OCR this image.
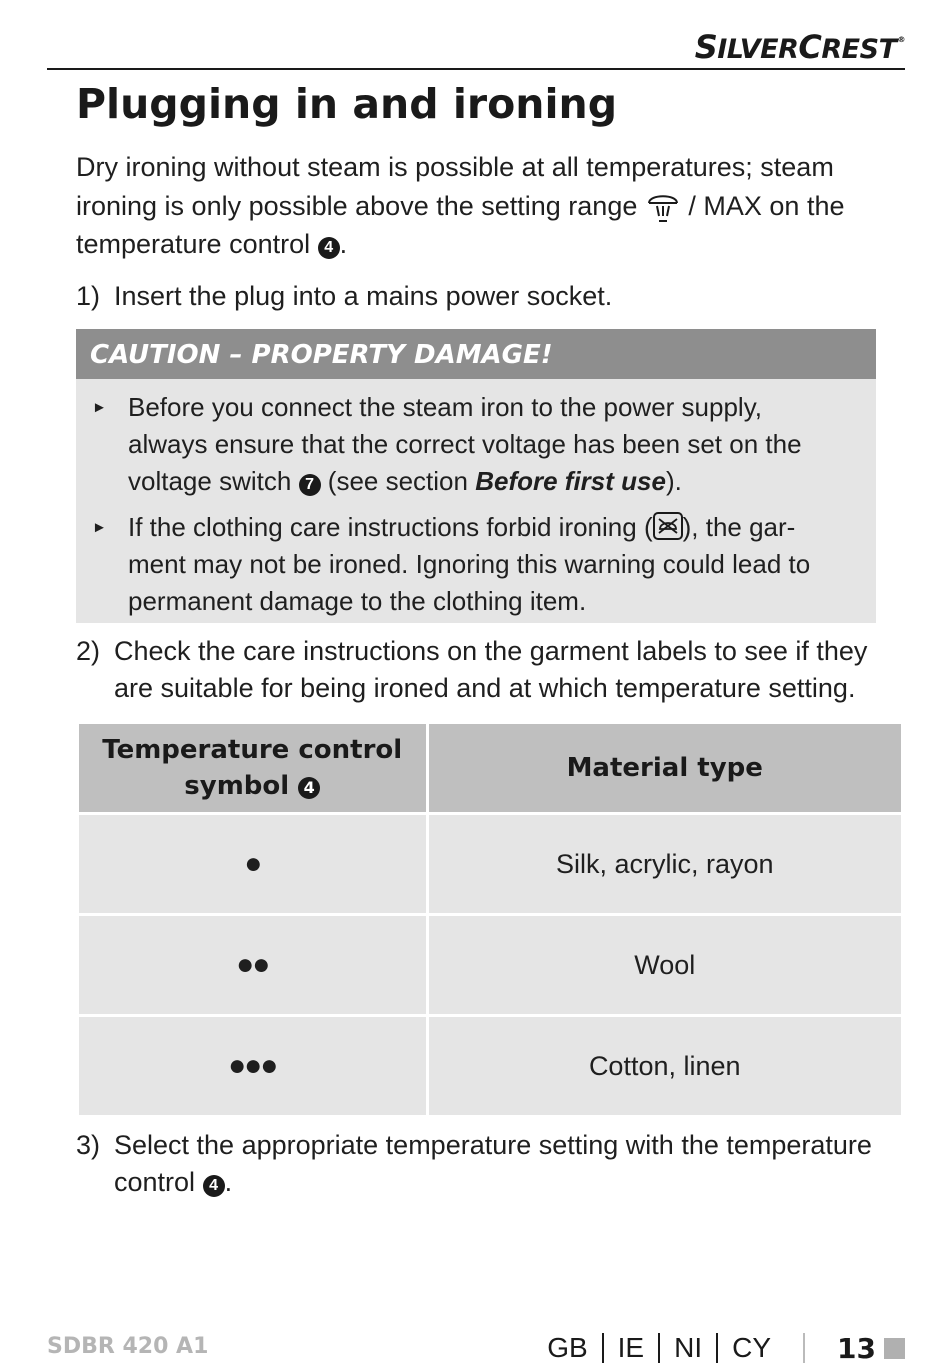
SILVERCREST®
Plugging in and ironing
Dry ironing without steam is possible at all temperatures; steam
ironing is only possible above the setting range / MAX on the
temperature control 4 .
1) Insert the plug into a mains power socket.
CAUTION – PROPERTY DAMAGE!
► Before you connect the steam iron to the power supply,
always ensure that the correct voltage has been set on the
voltage switch 7 (see section Before first use).
► If the clothing care instructions forbid ironing ( ), the gar-
ment may not be ironed. Ignoring this warning could lead to
permanent damage to the clothing item.
2) Check the care instructions on the garment labels to see if they
are suitable for being ironed and at which temperature setting.
Temperature control
symbol 4	Material type
●	Silk, acrylic, rayon
●●	Wool
●●●	Cotton, linen
3) Select the appropriate temperature setting with the temperature
control 4 .
SDBR 420 A1	GB IE NI CY 13
